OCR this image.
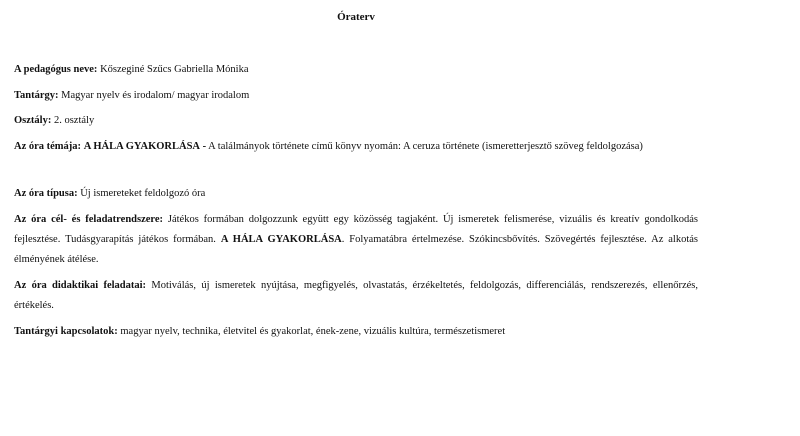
Óraterv
A pedagógus neve: Kőszeginé Szűcs Gabriella Mónika
Tantárgy: Magyar nyelv és irodalom/ magyar irodalom
Osztály: 2. osztály
Az óra témája: A HÁLA GYAKORLÁSA - A találmányok története című könyv nyomán: A ceruza története (ismeretterjesztő szöveg feldolgozása)
Az óra típusa: Új ismereteket feldolgozó óra
Az óra cél- és feladatrendszere: Játékos formában dolgozzunk együtt egy közösség tagjaként. Új ismeretek felismerése, vizuális és kreatív gondolkodás fejlesztése. Tudásgyarapítás játékos formában. A HÁLA GYAKORLÁSA. Folyamatábra értelmezése. Szókincsbővítés. Szövegértés fejlesztése. Az alkotás élményének átélése.
Az óra didaktikai feladatai: Motiválás, új ismeretek nyújtása, megfigyelés, olvastatás, érzékeltetés, feldolgozás, differenciálás, rendszerezés, ellenőrzés, értékelés.
Tantárgyi kapcsolatok: magyar nyelv, technika, életvitel és gyakorlat, ének-zene, vizuális kultúra, természetismeret
